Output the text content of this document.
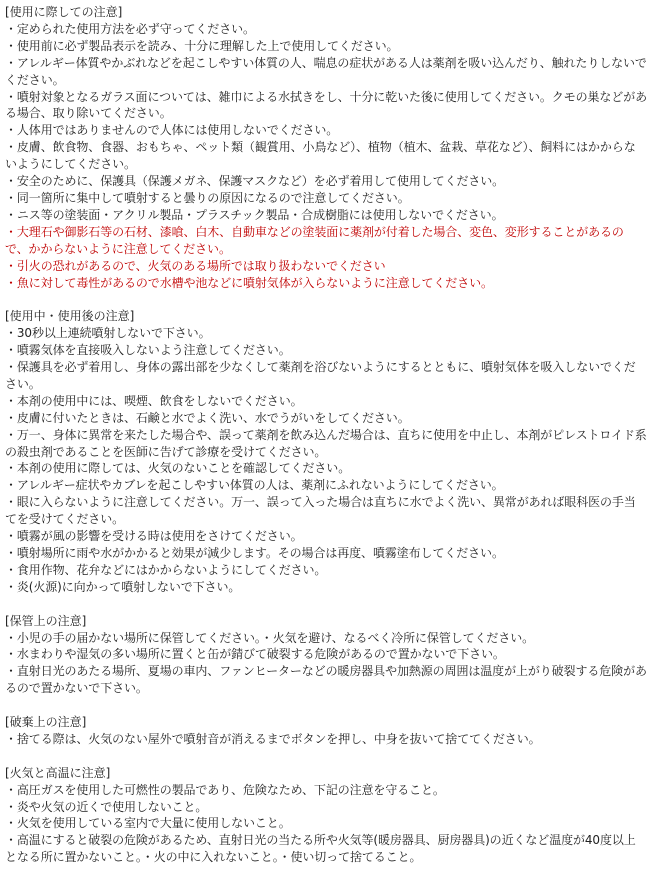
[使用に際しての注意]
・定められた使用方法を必ず守ってください。
・使用前に必ず製品表示を読み、十分に理解した上で使用してください。
・アレルギー体質やかぶれなどを起こしやすい体質の人、喘息の症状がある人は薬剤を吸い込んだり、触れたりしないでください。
・噴射対象となるガラス面については、雑巾による水拭きをし、十分に乾いた後に使用してください。クモの巣などがある場合、取り除いてください。
・人体用ではありませんので人体には使用しないでください。
・皮膚、飲食物、食器、おもちゃ、ペット類（観賞用、小鳥など）、植物（植木、盆栽、草花など）、飼料にはかからないようにしてください。
・安全のために、保護具（保護メガネ、保護マスクなど）を必ず着用して使用してください。
・同一箇所に集中して噴射すると曇りの原因になるので注意してください。
・ニス等の塗装面・アクリル製品・プラスチック製品・合成樹脂には使用しないでください。
・大理石や御影石等の石材、漆喰、白木、自動車などの塗装面に薬剤が付着した場合、変色、変形することがあるので、かからないように注意してください。
・引火の恐れがあるので、火気のある場所では取り扱わないでください
・魚に対して毒性があるので水槽や池などに噴射気体が入らないように注意してください。
[使用中・使用後の注意]
・30秒以上連続噴射しないで下さい。
・噴霧気体を直接吸入しないよう注意してください。
・保護具を必ず着用し、身体の露出部を少なくして薬剤を浴びないようにするとともに、噴射気体を吸入しないでください。
・本剤の使用中には、喫煙、飲食をしないでください。
・皮膚に付いたときは、石鹸と水でよく洗い、水でうがいをしてください。
・万一、身体に異常を来たした場合や、誤って薬剤を飲み込んだ場合は、直ちに使用を中止し、本剤がピレストロイド系の殺虫剤であることを医師に告げて診療を受けてください。
・本剤の使用に際しては、火気のないことを確認してください。
・アレルギー症状やカブレを起こしやすい体質の人は、薬剤にふれないようにしてください。
・眼に入らないように注意してください。万一、誤って入った場合は直ちに水でよく洗い、異常があれば眼科医の手当てを受けてください。
・噴霧が風の影響を受ける時は使用をさけてください。
・噴射場所に雨や水がかかると効果が減少します。その場合は再度、噴霧塗布してください。
・食用作物、花弁などにはかからないようにしてください。
・炎(火源)に向かって噴射しないで下さい。
[保管上の注意]
・小児の手の届かない場所に保管してください。・火気を避け、なるべく冷所に保管してください。
・水まわりや湿気の多い場所に置くと缶が錆びて破裂する危険があるので置かないで下さい。
・直射日光のあたる場所、夏場の車内、ファンヒーターなどの暖房器具や加熱源の周囲は温度が上がり破裂する危険があるので置かないで下さい。
[破棄上の注意]
・捨てる際は、火気のない屋外で噴射音が消えるまでボタンを押し、中身を抜いて捨ててください。
[火気と高温に注意]
・高圧ガスを使用した可燃性の製品であり、危険なため、下記の注意を守ること。
・炎や火気の近くで使用しないこと。
・火気を使用している室内で大量に使用しないこと。
・高温にすると破裂の危険があるため、直射日光の当たる所や火気等(暖房器具、厨房器具)の近くなど温度が40度以上となる所に置かないこと。・火の中に入れないこと。・使い切って捨てること。
